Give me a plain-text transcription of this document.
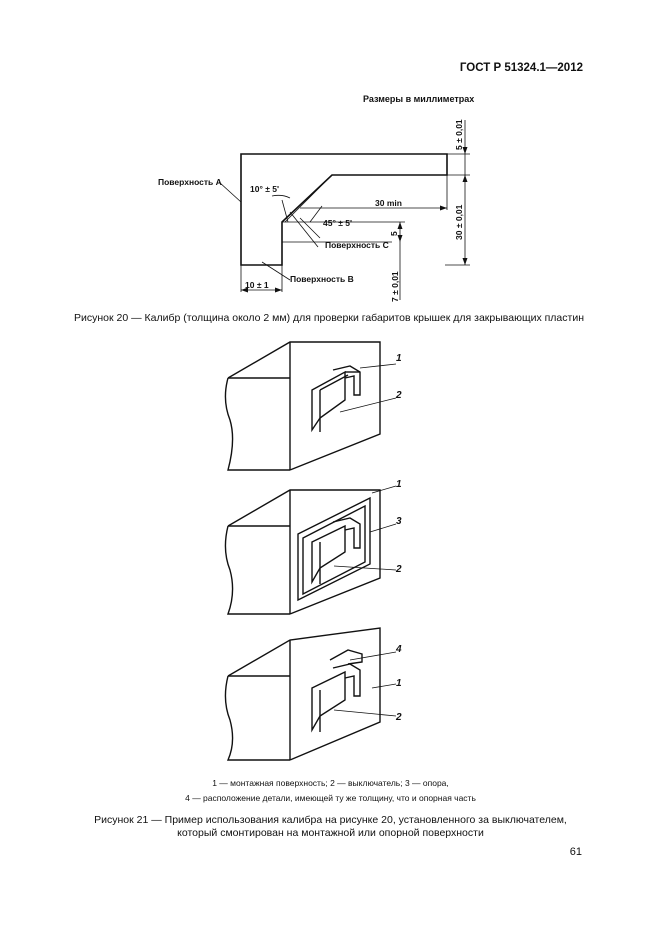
ГОСТ Р 51324.1—2012
Размеры в миллиметрах
Поверхность A
10° ± 5'
30 min
45° ± 5'
Поверхность C
Поверхность B
10 ± 1
5 ± 0,01
30 ± 0,01
5
7 ± 0,01
Рисунок 20 — Калибр (толщина около 2 мм) для проверки габаритов крышек для закрывающих пластин
1
2
1
3
2
4
1
2
1 — монтажная поверхность; 2 — выключатель; 3 — опора,
4 — расположение детали, имеющей ту же толщину, что и опорная часть
Рисунок 21 — Пример использования калибра на рисунке 20, установленного за выключателем,
который смонтирован на монтажной или опорной поверхности
61
